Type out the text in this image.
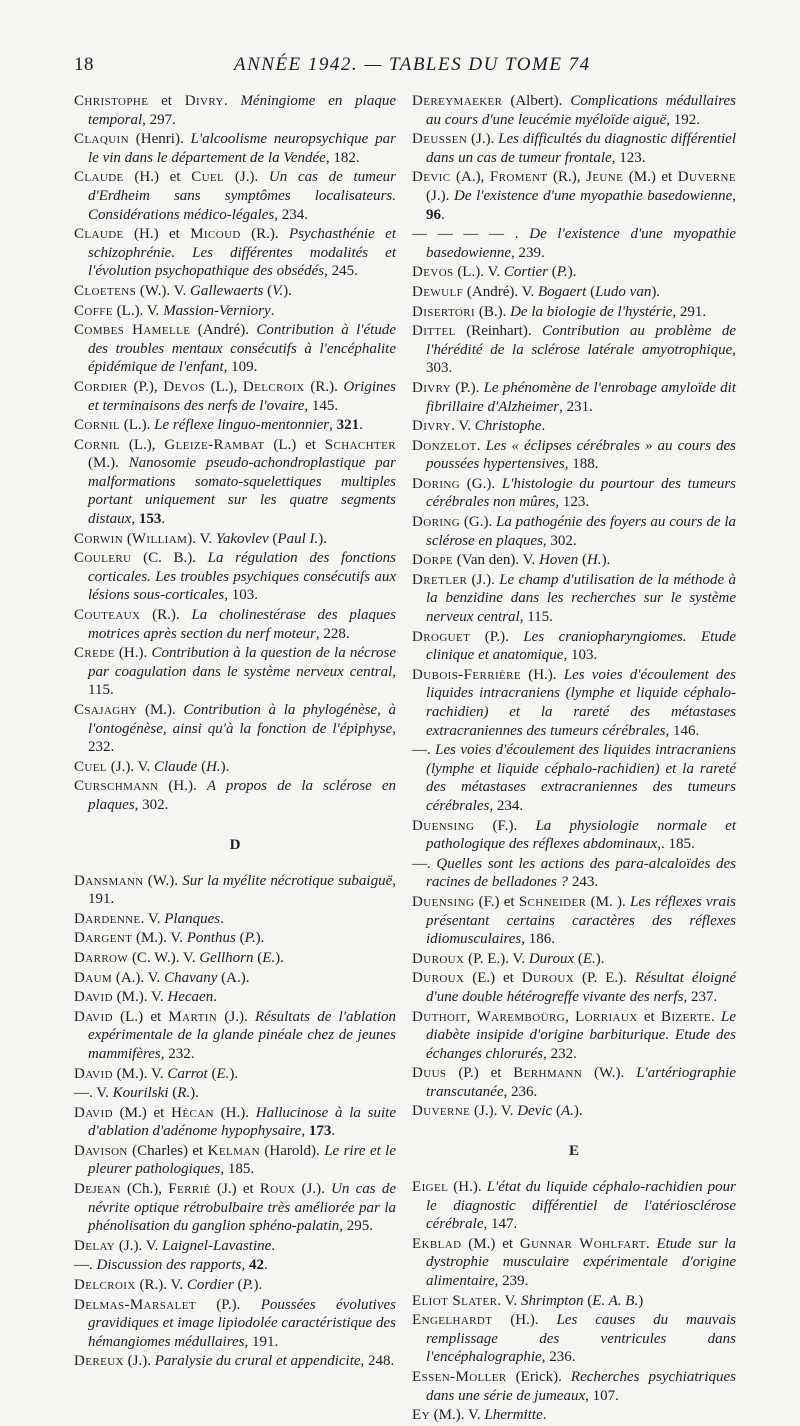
18	ANNÉE 1942. — TABLES DU TOME 74
Christophe et Divry. Méningiome en plaque temporal, 297.
Claquin (Henri). L'alcoolisme neuropsychique par le vin dans le département de la Vendée, 182.
Claude (H.) et Cuel (J.). Un cas de tumeur d'Erdheim sans symptômes localisateurs. Considérations médico-légales, 234.
Claude (H.) et Micoud (R.). Psychasthénie et schizophrénie. Les différentes modalités et l'évolution psychopathique des obsédés, 245.
Cloetens (W.). V. Gallewaerts (V.).
Coffe (L.). V. Massion-Verniory.
Combes Hamelle (André). Contribution à l'étude des troubles mentaux consécutifs à l'encéphalite épidémique de l'enfant, 109.
Cordier (P.), Devos (L.), Delcroix (R.). Origines et terminaisons des nerfs de l'ovaire, 145.
Cornil (L.). Le réflexe linguo-mentonnier, 321.
Cornil (L.), Gleize-Rambat (L.) et Schachter (M.). Nanosomie pseudo-achondroplastique par malformations somato-squelettiques multiples portant uniquement sur les quatre segments distaux, 153.
Corwin (William). V. Yakovlev (Paul I.).
Couleru (C. B.). La régulation des fonctions corticales. Les troubles psychiques consécutifs aux lésions sous-corticales, 103.
Couteaux (R.). La cholinestérase des plaques motrices après section du nerf moteur, 228.
Crede (H.). Contribution à la question de la nécrose par coagulation dans le système nerveux central, 115.
Csajaghy (M.). Contribution à la phylogénèse, à l'ontogénèse, ainsi qu'à la fonction de l'épiphyse, 232.
Cuel (J.). V. Claude (H.).
Curschmann (H.). A propos de la sclérose en plaques, 302.
D
Dansmann (W.). Sur la myélite nécrotique subaiguë, 191.
Dardenne. V. Planques.
Dargent (M.). V. Ponthus (P.).
Darrow (C. W.). V. Gellhorn (E.).
Daum (A.). V. Chavany (A.).
David (M.). V. Hecaen.
David (L.) et Martin (J.). Résultats de l'ablation expérimentale de la glande pinéale chez de jeunes mammifères, 232.
David (M.). V. Carrot (E.).
—. V. Kourilski (R.).
David (M.) et Hécan (H.). Hallucinose à la suite d'ablation d'adénome hypophysaire, 173.
Davison (Charles) et Kelman (Harold). Le rire et le pleurer pathologiques, 185.
Dejean (Ch.), Ferrié (J.) et Roux (J.). Un cas de névrite optique rétrobulbaire très améliorée par la phénolisation du ganglion sphéno-palatin, 295.
Delay (J.). V. Laignel-Lavastine.
—. Discussion des rapports, 42.
Delcroix (R.). V. Cordier (P.).
Delmas-Marsalet (P.). Poussées évolutives gravidiques et image lipiodolée caractéristique des hémangiomes médullaires, 191.
Dereux (J.). Paralysie du crural et appendicite, 248.
Dereymaeker (Albert). Complications médullaires au cours d'une leucémie myéloïde aiguë, 192.
Deussen (J.). Les difficultés du diagnostic différentiel dans un cas de tumeur frontale, 123.
Devic (A.), Froment (R.), Jeune (M.) et Duverne (J.). De l'existence d'une myopathie basedowienne, 96.
— — — — . De l'existence d'une myopathie basedowienne, 239.
Devos (L.). V. Cortier (P.).
Dewulf (André). V. Bogaert (Ludo van).
Disertori (B.). De la biologie de l'hystérie, 291.
Dittel (Reinhart). Contribution au problème de l'hérédité de la sclérose latérale amyotrophique, 303.
Divry (P.). Le phénomène de l'enrobage amyloïde dit fibrillaire d'Alzheimer, 231.
Divry. V. Christophe.
Donzelot. Les « éclipses cérébrales » au cours des poussées hypertensives, 188.
Doring (G.). L'histologie du pourtour des tumeurs cérébrales non mûres, 123.
Doring (G.). La pathogénie des foyers au cours de la sclérose en plaques, 302.
Dorpe (Van den). V. Hoven (H.).
Dretler (J.). Le champ d'utilisation de la méthode à la benzidine dans les recherches sur le système nerveux central, 115.
Droguet (P.). Les craniopharyngiomes. Etude clinique et anatomique, 103.
Dubois-Ferrière (H.). Les voies d'écoulement des liquides intracraniens (lymphe et liquide céphalo-rachidien) et la rareté des métastases extracraniennes des tumeurs cérébrales, 146.
—. Les voies d'écoulement des liquides intracraniens (lymphe et liquide céphalo-rachidien) et la rareté des métastases extracraniennes des tumeurs cérébrales, 234.
Duensing (F.). La physiologie normale et pathologique des réflexes abdominaux,. 185.
—. Quelles sont les actions des para-alcaloïdes des racines de belladones ? 243.
Duensing (F.) et Schneider (M. ). Les réflexes vrais présentant certains caractères des réflexes idiomusculaires, 186.
Duroux (P. E.). V. Duroux (E.).
Duroux (E.) et Duroux (P. E.). Résultat éloigné d'une double hétérogreffe vivante des nerfs, 237.
Duthoit, Waremboürg, Lorriaux et Bizerte. Le diabète insipide d'origine barbiturique. Etude des échanges chlorurés, 232.
Duus (P.) et Berhmann (W.). L'artériographie transcutanée, 236.
Duverne (J.). V. Devic (A.).
E
Eigel (H.). L'état du liquide céphalo-rachidien pour le diagnostic différentiel de l'atériosclérose cérébrale, 147.
Ekblad (M.) et Gunnar Wohlfart. Etude sur la dystrophie musculaire expérimentale d'origine alimentaire, 239.
Eliot Slater. V. Shrimpton (E. A. B.)
Engelhardt (H.). Les causes du mauvais remplissage des ventricules dans l'encéphalographie, 236.
Essen-Moller (Erick). Recherches psychiatriques dans une série de jumeaux, 107.
Ey (M.). V. Lhermitte.
